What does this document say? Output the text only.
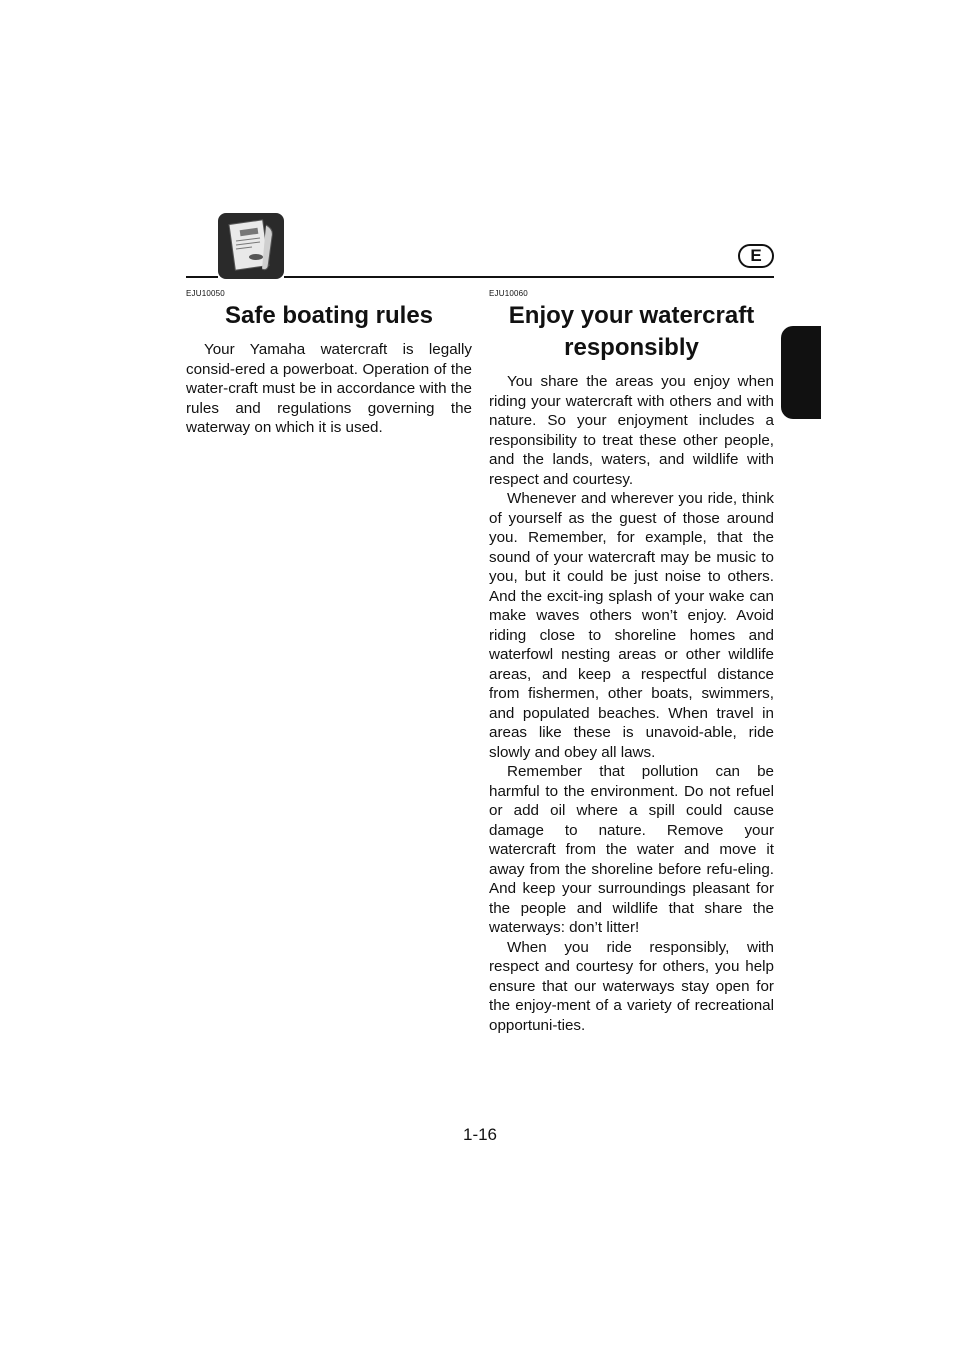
E
EJU10050
Safe boating rules

Your Yamaha watercraft is legally consid-ered a powerboat. Operation of the water-craft must be in accordance with the rules and regulations governing the waterway on which it is used.

EJU10060
Enjoy your watercraft
responsibly

You share the areas you enjoy when riding your watercraft with others and with nature. So your enjoyment includes a responsibility to treat these other people, and the lands, waters, and wildlife with respect and courtesy.

Whenever and wherever you ride, think of yourself as the guest of those around you. Remember, for example, that the sound of your watercraft may be music to you, but it could be just noise to others. And the excit-ing splash of your wake can make waves others won’t enjoy. Avoid riding close to shoreline homes and waterfowl nesting areas or other wildlife areas, and keep a respectful distance from fishermen, other boats, swimmers, and populated beaches. When travel in areas like these is unavoid-able, ride slowly and obey all laws.

Remember that pollution can be harmful to the environment. Do not refuel or add oil where a spill could cause damage to nature. Remove your watercraft from the water and move it away from the shoreline before refu-eling. And keep your surroundings pleasant for the people and wildlife that share the waterways: don’t litter!

When you ride responsibly, with respect and courtesy for others, you help ensure that our waterways stay open for the enjoy-ment of a variety of recreational opportuni-ties.

1-16
